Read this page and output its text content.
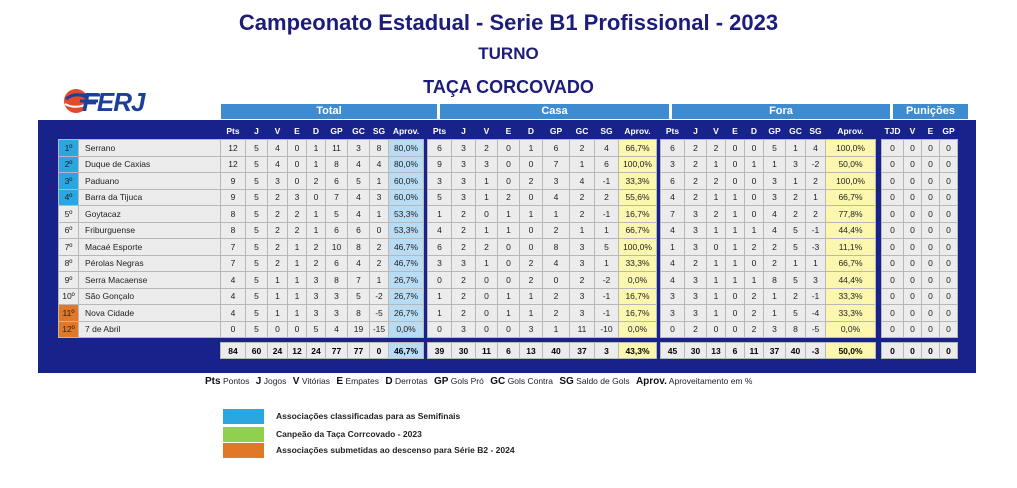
Campeonato Estadual - Serie B1 Profissional - 2023
TURNO
TAÇA CORCOVADO
FERJ	Total	Casa	Fora	Punições
		Pts	J	V	E	D	GP	GC	SG	Aprov.		Pts	J	V	E	D	GP	GC	SG	Aprov.		Pts	J	V	E	D	GP	GC	SG	Aprov.		TJD	V	E	GP
1º	Serrano	12	5	4	0	1	11	3	8	80,0%		6	3	2	0	1	6	2	4	66,7%		6	2	2	0	0	5	1	4	100,0%		0	0	0	0
2º	Duque de Caxias	12	5	4	0	1	8	4	4	80,0%		9	3	3	0	0	7	1	6	100,0%		3	2	1	0	1	1	3	-2	50,0%		0	0	0	0
3º	Paduano	9	5	3	0	2	6	5	1	60,0%		3	3	1	0	2	3	4	-1	33,3%		6	2	2	0	0	3	1	2	100,0%		0	0	0	0
4º	Barra da Tijuca	9	5	2	3	0	7	4	3	60,0%		5	3	1	2	0	4	2	2	55,6%		4	2	1	1	0	3	2	1	66,7%		0	0	0	0
5º	Goytacaz	8	5	2	2	1	5	4	1	53,3%		1	2	0	1	1	1	2	-1	16,7%		7	3	2	1	0	4	2	2	77,8%		0	0	0	0
6º	Friburguense	8	5	2	2	1	6	6	0	53,3%		4	2	1	1	0	2	1	1	66,7%		4	3	1	1	1	4	5	-1	44,4%		0	0	0	0
7º	Macaé Esporte	7	5	2	1	2	10	8	2	46,7%		6	2	2	0	0	8	3	5	100,0%		1	3	0	1	2	2	5	-3	11,1%		0	0	0	0
8º	Pérolas Negras	7	5	2	1	2	6	4	2	46,7%		3	3	1	0	2	4	3	1	33,3%		4	2	1	1	0	2	1	1	66,7%		0	0	0	0
9º	Serra Macaense	4	5	1	1	3	8	7	1	26,7%		0	2	0	0	2	0	2	-2	0,0%		4	3	1	1	1	8	5	3	44,4%		0	0	0	0
10º	São Gonçalo	4	5	1	1	3	3	5	-2	26,7%		1	2	0	1	1	2	3	-1	16,7%		3	3	1	0	2	1	2	-1	33,3%		0	0	0	0
11º	Nova Cidade	4	5	1	1	3	3	8	-5	26,7%		1	2	0	1	1	2	3	-1	16,7%		3	3	1	0	2	1	5	-4	33,3%		0	0	0	0
12º	7 de Abril	0	5	0	0	5	4	19	-15	0,0%		0	3	0	0	3	1	11	-10	0,0%		0	2	0	0	2	3	8	-5	0,0%		0	0	0	0

		84	60	24	12	24	77	77	0	46,7%		39	30	11	6	13	40	37	3	43,3%		45	30	13	6	11	37	40	-3	50,0%		0	0	0	0
Pts Pontos J Jogos V Vitórias E Empates D Derrotas GP Gols Pró GC Gols Contra SG Saldo de Gols Aprov. Aproveitamento em %
Associações classificadas para as Semifinais
Canpeão da Taça Corrcovado - 2023
Associações submetidas ao descenso para Série B2 - 2024
